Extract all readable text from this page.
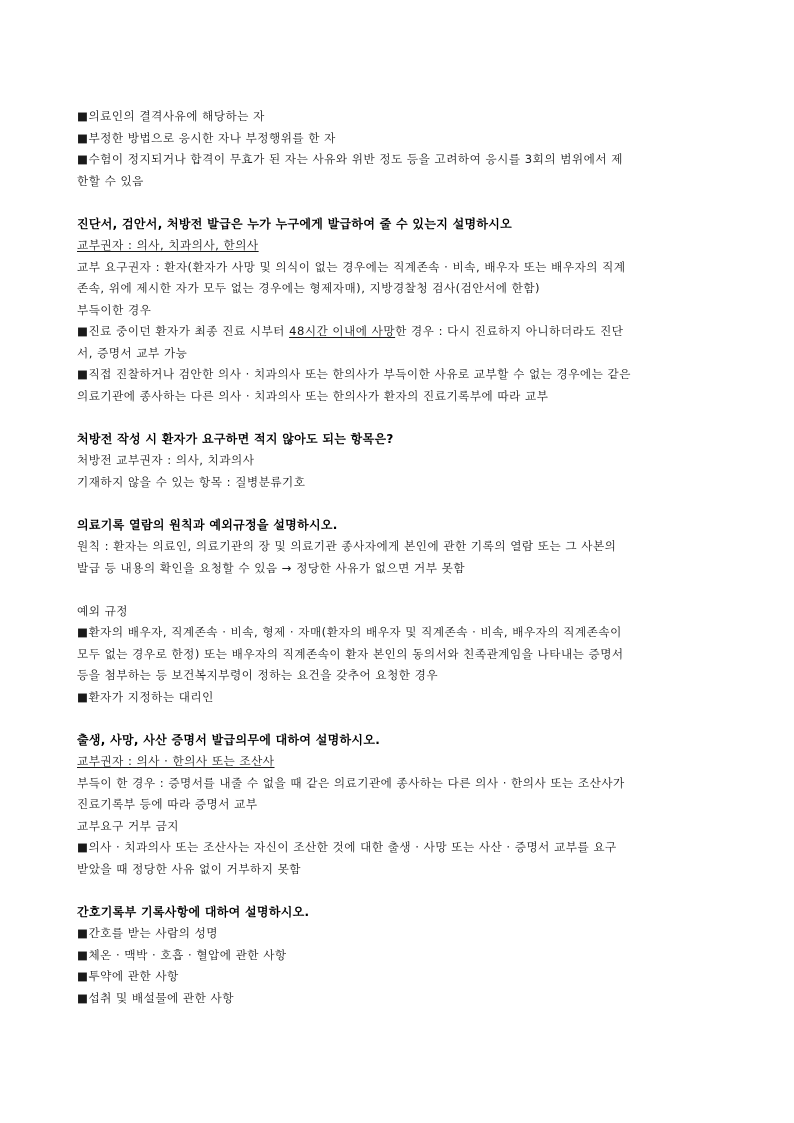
■의료인의 결격사유에 해당하는 자
■부정한 방법으로 응시한 자나 부정행위를 한 자
■수험이 정지되거나 합격이 무효가 된 자는 사유와 위반 정도 등을 고려하여 응시를 3회의 범위에서 제
한할 수 있음
진단서, 검안서, 처방전 발급은 누가 누구에게 발급하여 줄 수 있는지 설명하시오
교부권자 : 의사, 치과의사, 한의사
교부 요구권자 : 환자(환자가 사망 및 의식이 없는 경우에는 직계존속 · 비속, 배우자 또는 배우자의 직계
존속, 위에 제시한 자가 모두 없는 경우에는 형제자매), 지방경찰청 검사(검안서에 한함)
부득이한 경우
■진료 중이던 환자가 최종 진료 시부터 48시간 이내에 사망한 경우 : 다시 진료하지 아니하더라도 진단
서, 증명서 교부 가능
■직접 진찰하거나 검안한 의사 · 치과의사 또는 한의사가 부득이한 사유로 교부할 수 없는 경우에는 같은
의료기관에 종사하는 다른 의사 · 치과의사 또는 한의사가 환자의 진료기록부에 따라 교부
처방전 작성 시 환자가 요구하면 적지 않아도 되는 항목은?
처방전 교부권자 : 의사, 치과의사
기재하지 않을 수 있는 항목 : 질병분류기호
의료기록 열람의 원칙과 예외규정을 설명하시오.
원칙 : 환자는 의료인, 의료기관의 장 및 의료기관 종사자에게 본인에 관한 기록의 열람 또는 그 사본의
발급 등 내용의 확인을 요청할 수 있음 → 정당한 사유가 없으면 거부 못함
예외 규정
■환자의 배우자, 직계존속 · 비속, 형제 · 자매(환자의 배우자 및 직계존속 · 비속, 배우자의 직계존속이
모두 없는 경우로 한정) 또는 배우자의 직계존속이 환자 본인의 동의서와 친족관계임을 나타내는 증명서
등을 첨부하는 등 보건복지부령이 정하는 요건을 갖추어 요청한 경우
■환자가 지정하는 대리인
출생, 사망, 사산 증명서 발급의무에 대하여 설명하시오.
교부권자 : 의사 · 한의사 또는 조산사
부득이 한 경우 : 증명서를 내줄 수 없을 때 같은 의료기관에 종사하는 다른 의사 · 한의사 또는 조산사가
진료기록부 등에 따라 증명서 교부
교부요구 거부 금지
■의사 · 치과의사 또는 조산사는 자신이 조산한 것에 대한 출생 · 사망 또는 사산 · 증명서 교부를 요구
받았을 때 정당한 사유 없이 거부하지 못함
간호기록부 기록사항에 대하여 설명하시오.
■간호를 받는 사람의 성명
■체온 · 맥박 · 호흡 · 혈압에 관한 사항
■투약에 관한 사항
■섭취 및 배설물에 관한 사항
